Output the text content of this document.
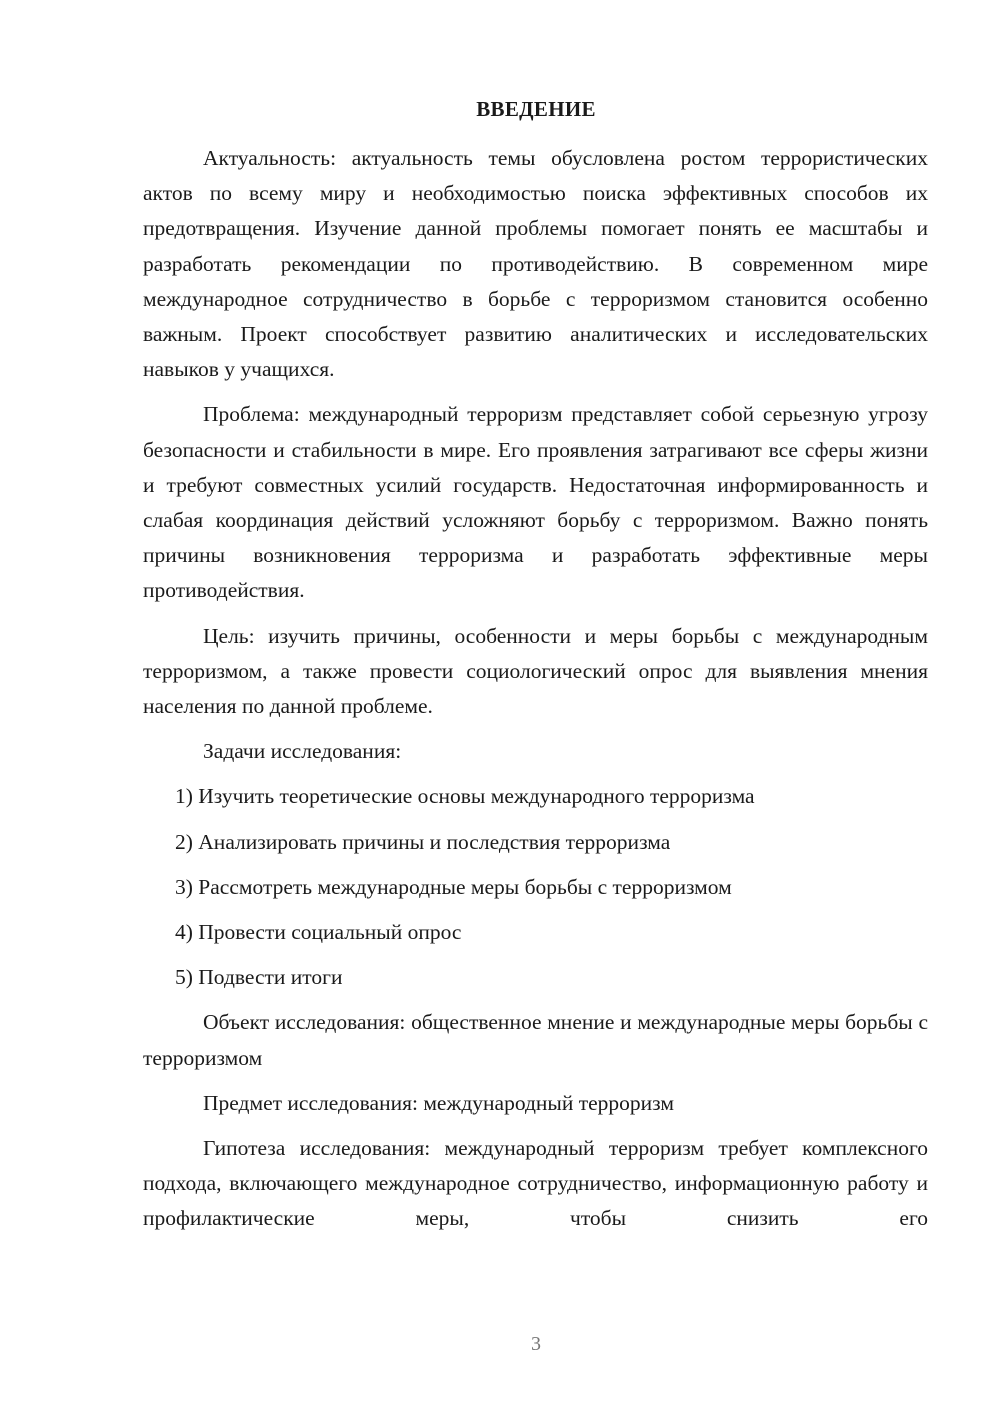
ВВЕДЕНИЕ

Актуальность: актуальность темы обусловлена ростом террористических актов по всему миру и необходимостью поиска эффективных способов их предотвращения. Изучение данной проблемы помогает понять ее масштабы и разработать рекомендации по противодействию. В современном мире международное сотрудничество в борьбе с терроризмом становится особенно важным. Проект способствует развитию аналитических и исследовательских навыков у учащихся.

Проблема: международный терроризм представляет собой серьезную угрозу безопасности и стабильности в мире. Его проявления затрагивают все сферы жизни и требуют совместных усилий государств. Недостаточная информированность и слабая координация действий усложняют борьбу с терроризмом. Важно понять причины возникновения терроризма и разработать эффективные меры противодействия.

Цель: изучить причины, особенности и меры борьбы с международным терроризмом, а также провести социологический опрос для выявления мнения населения по данной проблеме.

Задачи исследования:

1) Изучить теоретические основы международного терроризма
2) Анализировать причины и последствия терроризма
3) Рассмотреть международные меры борьбы с терроризмом
4) Провести социальный опрос
5) Подвести итоги

Объект исследования: общественное мнение и международные меры борьбы с терроризмом

Предмет исследования: международный терроризм

Гипотеза исследования: международный терроризм требует комплексного подхода, включающего международное сотрудничество, информационную работу и профилактические меры, чтобы снизить его

3
